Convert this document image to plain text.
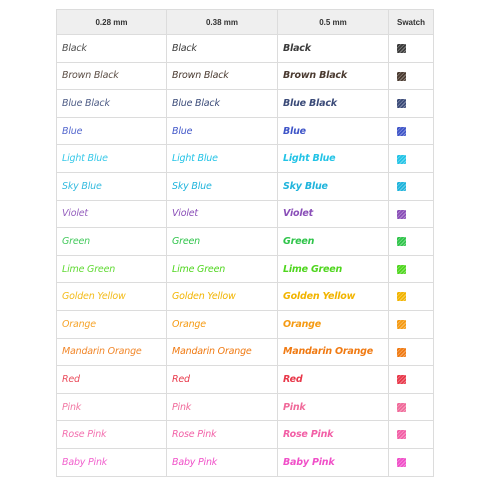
0.28 mm	0.38 mm	0.5 mm	Swatch
Black	Black	Black	
Brown Black	Brown Black	Brown Black	
Blue Black	Blue Black	Blue Black	
Blue	Blue	Blue	
Light Blue	Light Blue	Light Blue	
Sky Blue	Sky Blue	Sky Blue	
Violet	Violet	Violet	
Green	Green	Green	
Lime Green	Lime Green	Lime Green	
Golden Yellow	Golden Yellow	Golden Yellow	
Orange	Orange	Orange	
Mandarin Orange	Mandarin Orange	Mandarin Orange	
Red	Red	Red	
Pink	Pink	Pink	
Rose Pink	Rose Pink	Rose Pink	
Baby Pink	Baby Pink	Baby Pink	
